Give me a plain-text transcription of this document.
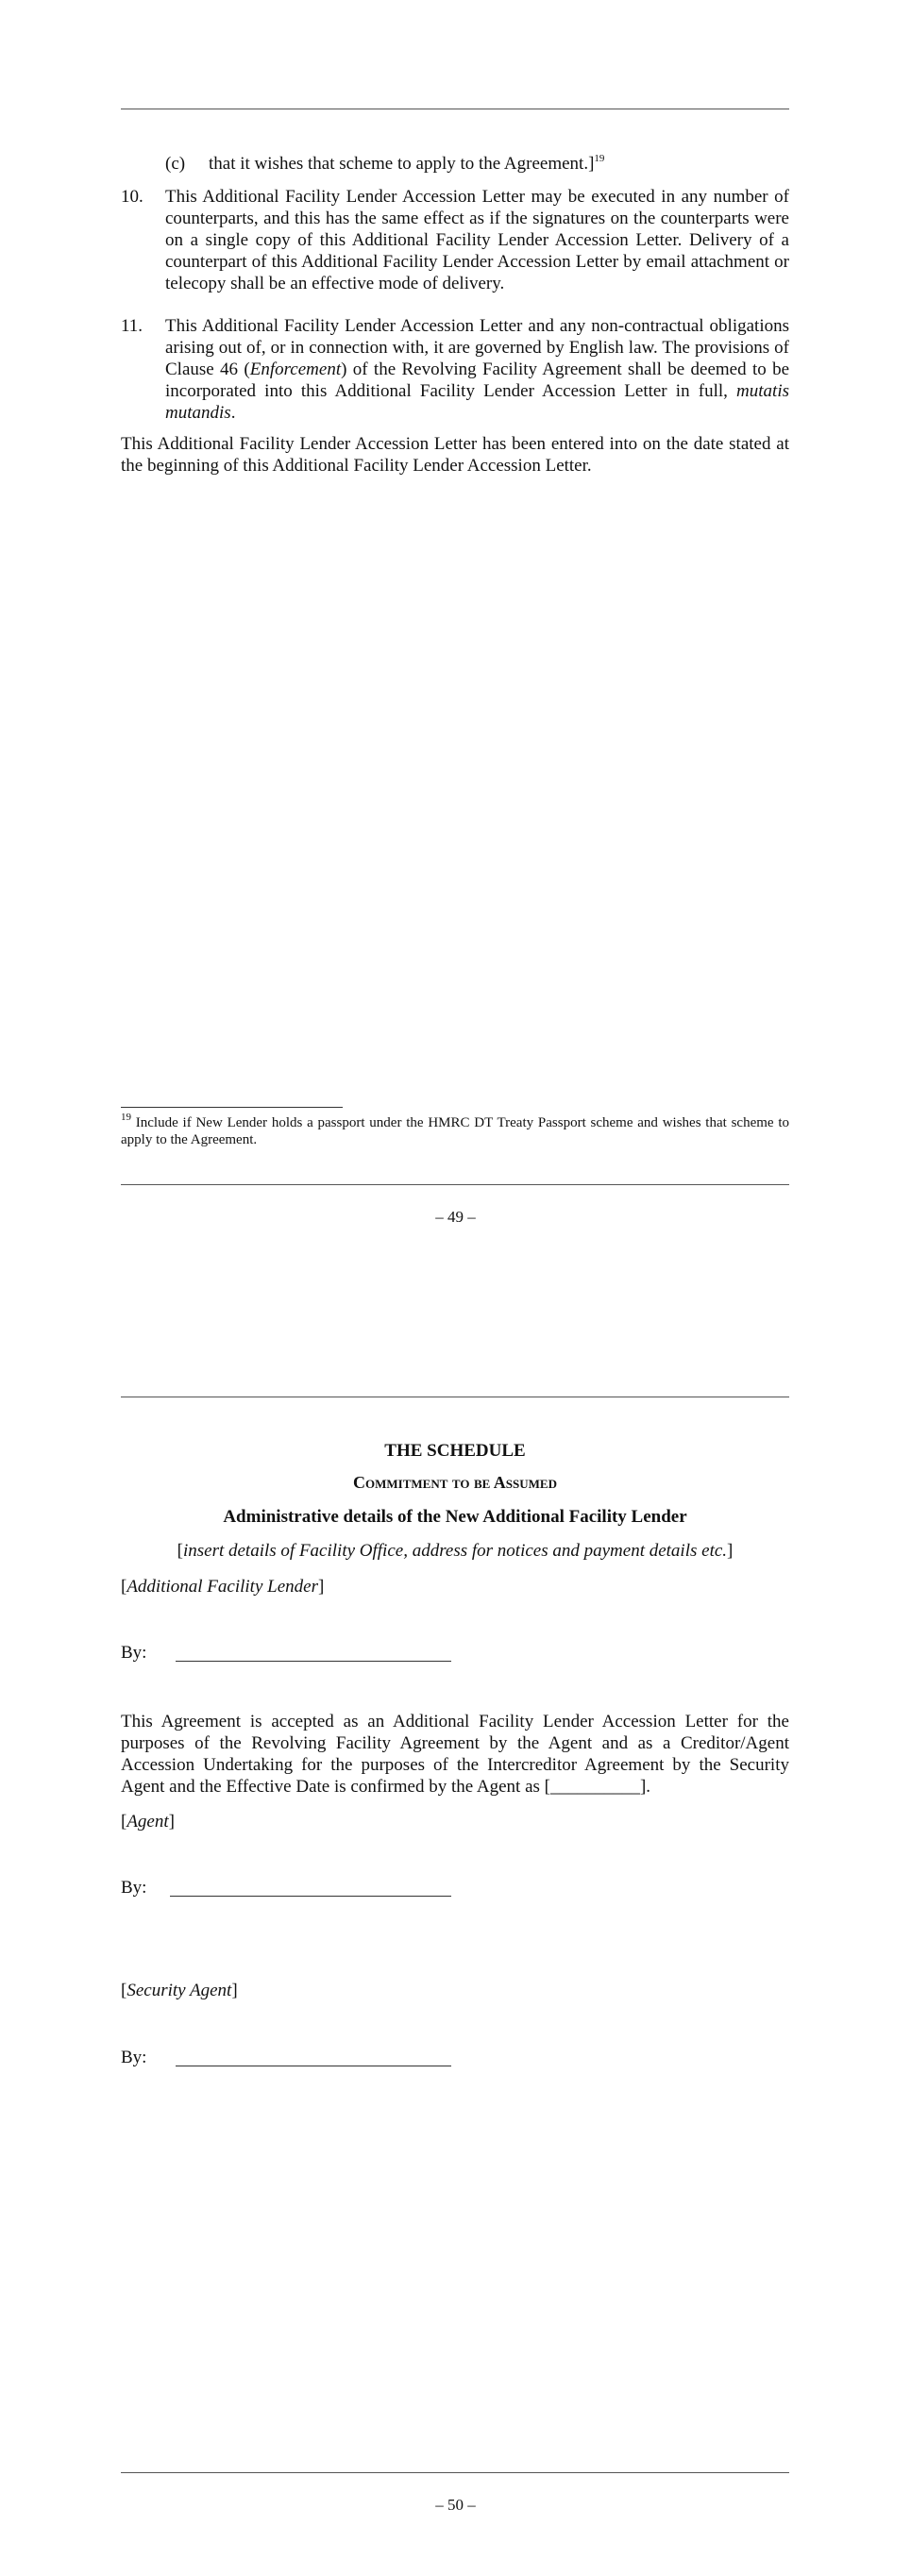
(c) that it wishes that scheme to apply to the Agreement.]$^{19}$
10. This Additional Facility Lender Accession Letter may be executed in any number of counterparts, and this has the same effect as if the signatures on the counterparts were on a single copy of this Additional Facility Lender Accession Letter. Delivery of a counterpart of this Additional Facility Lender Accession Letter by email attachment or telecopy shall be an effective mode of delivery.
11. This Additional Facility Lender Accession Letter and any non-contractual obligations arising out of, or in connection with, it are governed by English law. The provisions of Clause 46 (Enforcement) of the Revolving Facility Agreement shall be deemed to be incorporated into this Additional Facility Lender Accession Letter in full, mutatis mutandis.
This Additional Facility Lender Accession Letter has been entered into on the date stated at the beginning of this Additional Facility Lender Accession Letter.
$^{19}$ Include if New Lender holds a passport under the HMRC DT Treaty Passport scheme and wishes that scheme to apply to the Agreement.
– 49 –
THE SCHEDULE
Commitment to be Assumed
Administrative details of the New Additional Facility Lender
[insert details of Facility Office, address for notices and payment details etc.]
[Additional Facility Lender]
By:
This Agreement is accepted as an Additional Facility Lender Accession Letter for the purposes of the Revolving Facility Agreement by the Agent and as a Creditor/Agent Accession Undertaking for the purposes of the Intercreditor Agreement by the Security Agent and the Effective Date is confirmed by the Agent as [__________].
[Agent]
By:
[Security Agent]
By:
– 50 –
